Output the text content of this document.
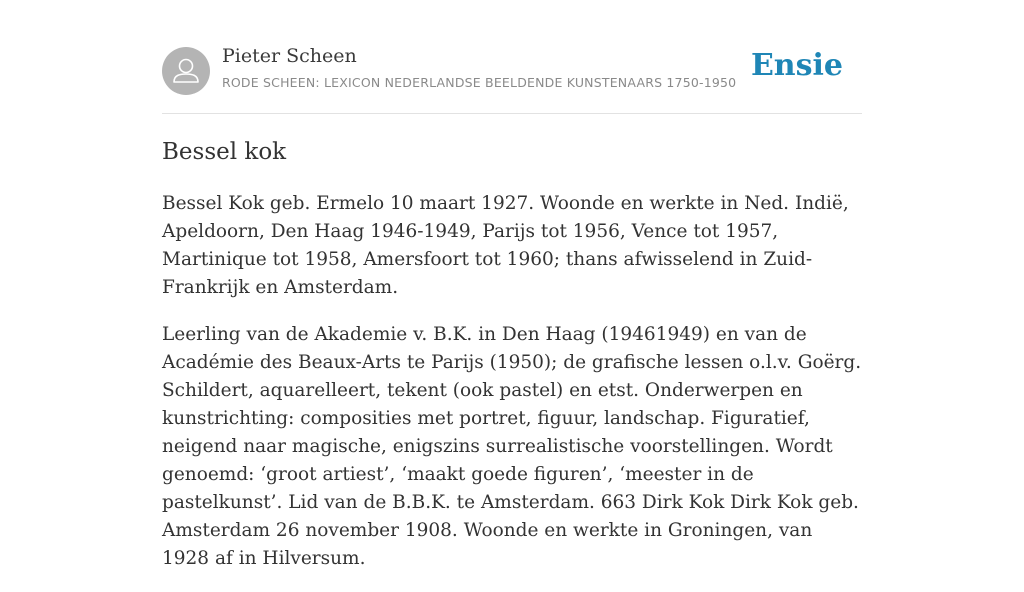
Pieter Scheen
RODE SCHEEN: LEXICON NEDERLANDSE BEELDENDE KUNSTENAARS 1750-1950 Ensie
Bessel kok

Bessel Kok geb. Ermelo 10 maart 1927. Woonde en werkte in Ned. Indië, Apeldoorn, Den Haag 1946-1949, Parijs tot 1956, Vence tot 1957, Martinique tot 1958, Amersfoort tot 1960; thans afwisselend in Zuid-Frankrijk en Amsterdam.

Leerling van de Akademie v. B.K. in Den Haag (19461949) en van de Académie des Beaux-Arts te Parijs (1950); de grafische lessen o.l.v. Goërg. Schildert, aquarelleert, tekent (ook pastel) en etst. Onderwerpen en kunstrichting: composities met portret, figuur, landschap. Figuratief, neigend naar magische, enigszins surrealistische voorstellingen. Wordt genoemd: ‘groot artiest’, ‘maakt goede figuren’, ‘meester in de pastelkunst’. Lid van de B.B.K. te Amsterdam. 663 Dirk Kok Dirk Kok geb. Amsterdam 26 november 1908. Woonde en werkte in Groningen, van 1928 af in Hilversum.
